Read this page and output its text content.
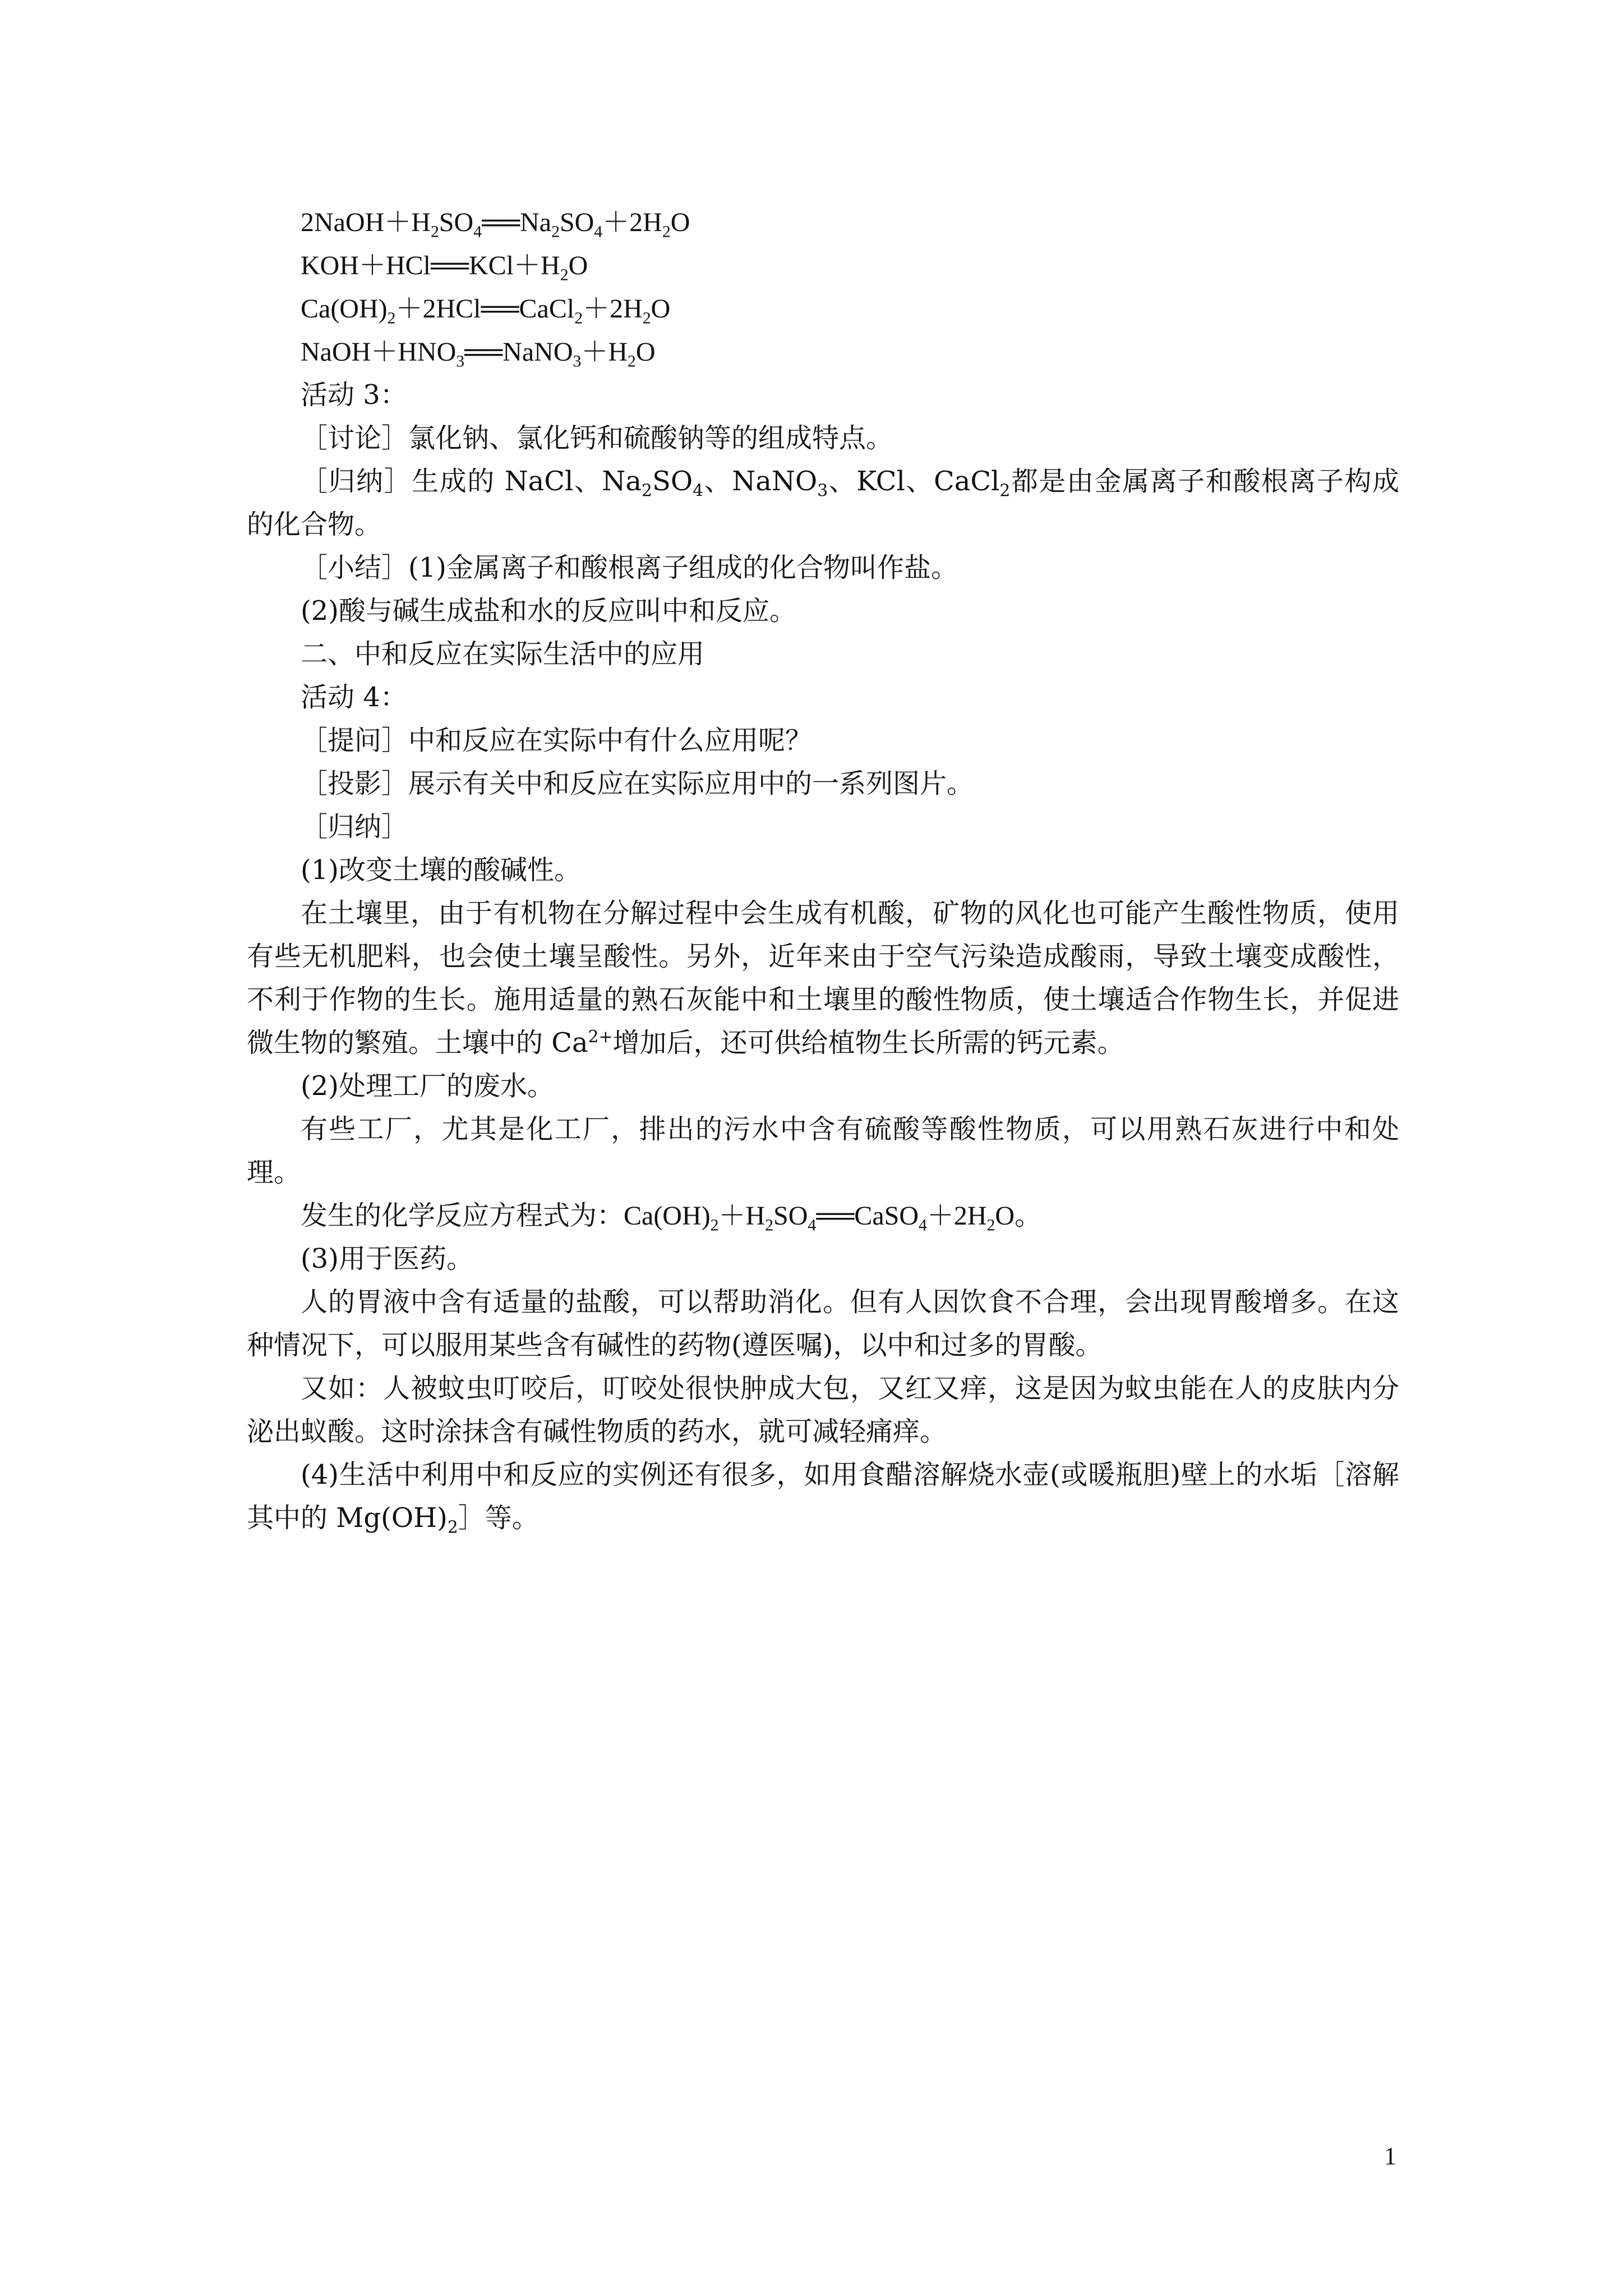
$2NaOH+H_2SO_4══Na_2SO_4+2H_2O$

$KOH+HCl══KCl+H_2O$

$Ca(OH)_2+2HCl══CaCl_2+2H_2O$

$NaOH+HNO_3══NaNO_3+H_2O$

活动 3：

［讨论］氯化钠、氯化钙和硫酸钠等的组成特点。

［归纳］生成的 NaCl、$Na_2SO_4$、NaNO$_3$、KCl、CaCl$_2$都是由金属离子和酸根离子构成的化合物。

［小结］(1)金属离子和酸根离子组成的化合物叫作盐。

(2)酸与碱生成盐和水的反应叫中和反应。

二、中和反应在实际生活中的应用

活动 4：

［提问］中和反应在实际中有什么应用呢？

［投影］展示有关中和反应在实际应用中的一系列图片。

［归纳］

(1)改变土壤的酸碱性。

在土壤里，由于有机物在分解过程中会生成有机酸，矿物的风化也可能产生酸性物质，使用有些无机肥料，也会使土壤呈酸性。另外，近年来由于空气污染造成酸雨，导致土壤变成酸性，不利于作物的生长。施用适量的熟石灰能中和土壤里的酸性物质，使土壤适合作物生长，并促进微生物的繁殖。土壤中的 $Ca^{2+}$增加后，还可供给植物生长所需的钙元素。

(2)处理工厂的废水。

有些工厂，尤其是化工厂，排出的污水中含有硫酸等酸性物质，可以用熟石灰进行中和处理。

发生的化学反应方程式为：$Ca(OH)_2+H_2SO_4══CaSO_4+2H_2O$。

(3)用于医药。

人的胃液中含有适量的盐酸，可以帮助消化。但有人因饮食不合理，会出现胃酸增多。在这种情况下，可以服用某些含有碱性的药物(遵医嘱)，以中和过多的胃酸。

又如：人被蚊虫叮咬后，叮咬处很快肿成大包，又红又痒，这是因为蚊虫能在人的皮肤内分泌出蚁酸。这时涂抹含有碱性物质的药水，就可减轻痛痒。

(4)生活中利用中和反应的实例还有很多，如用食醋溶解烧水壶(或暖瓶胆)壁上的水垢［溶解其中的 $Mg(OH)_2]$等。

1
